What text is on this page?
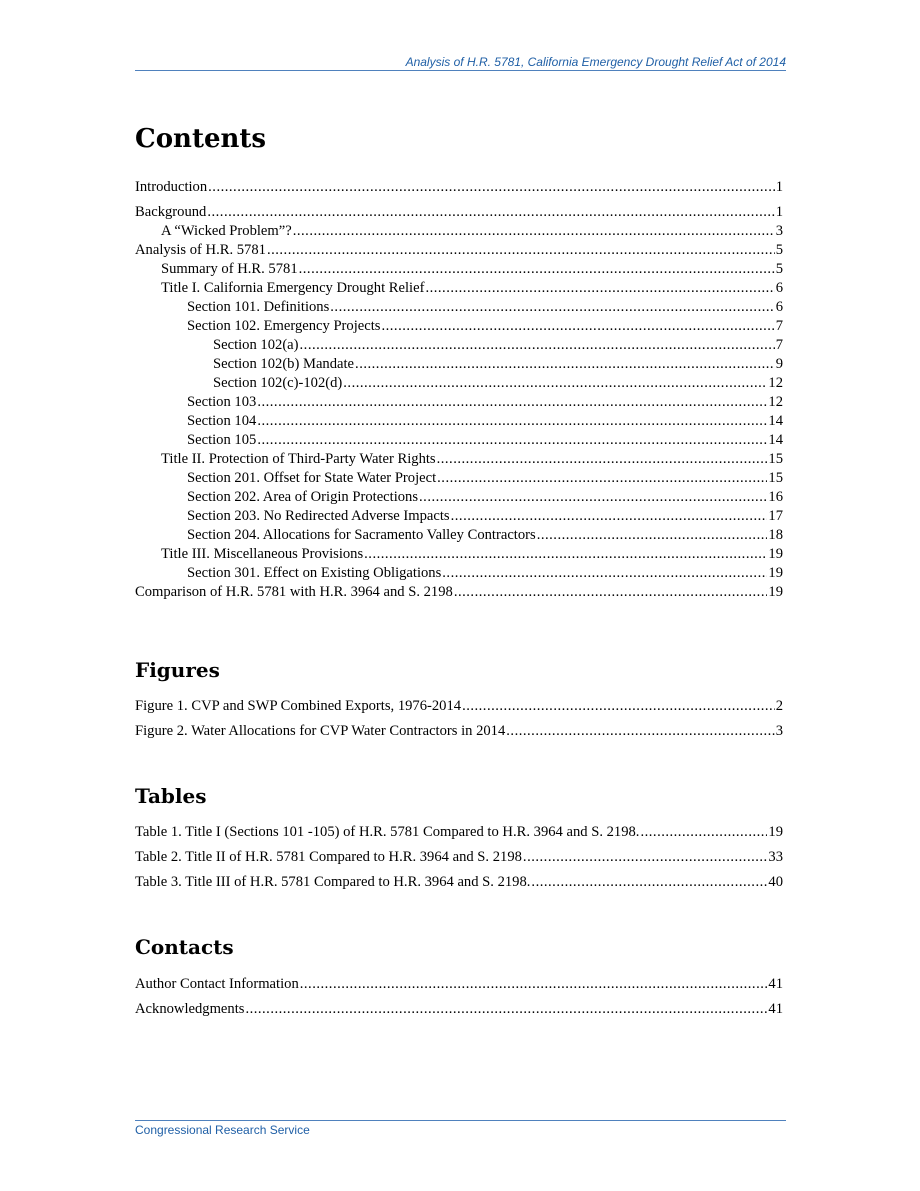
Analysis of H.R. 5781, California Emergency Drought Relief Act of 2014
Contents
Introduction .....	1
Background .....	1
A “Wicked Problem”? .....	3
Analysis of H.R. 5781 .....	5
Summary of H.R. 5781 .....	5
Title I. California Emergency Drought Relief .....	6
Section 101. Definitions .....	6
Section 102. Emergency Projects .....	7
Section 102(a) .....	7
Section 102(b) Mandate .....	9
Section 102(c)-102(d) .....	12
Section 103 .....	12
Section 104 .....	14
Section 105 .....	14
Title II. Protection of Third-Party Water Rights .....	15
Section 201. Offset for State Water Project .....	15
Section 202. Area of Origin Protections .....	16
Section 203. No Redirected Adverse Impacts .....	17
Section 204. Allocations for Sacramento Valley Contractors .....	18
Title III. Miscellaneous Provisions .....	19
Section 301. Effect on Existing Obligations .....	19
Comparison of H.R. 5781 with H.R. 3964 and S. 2198 .....	19
Figures
Figure 1. CVP and SWP Combined Exports, 1976-2014 .....	2
Figure 2. Water Allocations for CVP Water Contractors in 2014 .....	3
Tables
Table 1. Title I (Sections 101 -105) of H.R. 5781 Compared to H.R. 3964 and S. 2198. .....	19
Table 2. Title II of H.R. 5781 Compared to H.R. 3964 and S. 2198 .....	33
Table 3. Title III of H.R. 5781 Compared to H.R. 3964 and S. 2198. .....	40
Contacts
Author Contact Information .....	41
Acknowledgments .....	41
Congressional Research Service
